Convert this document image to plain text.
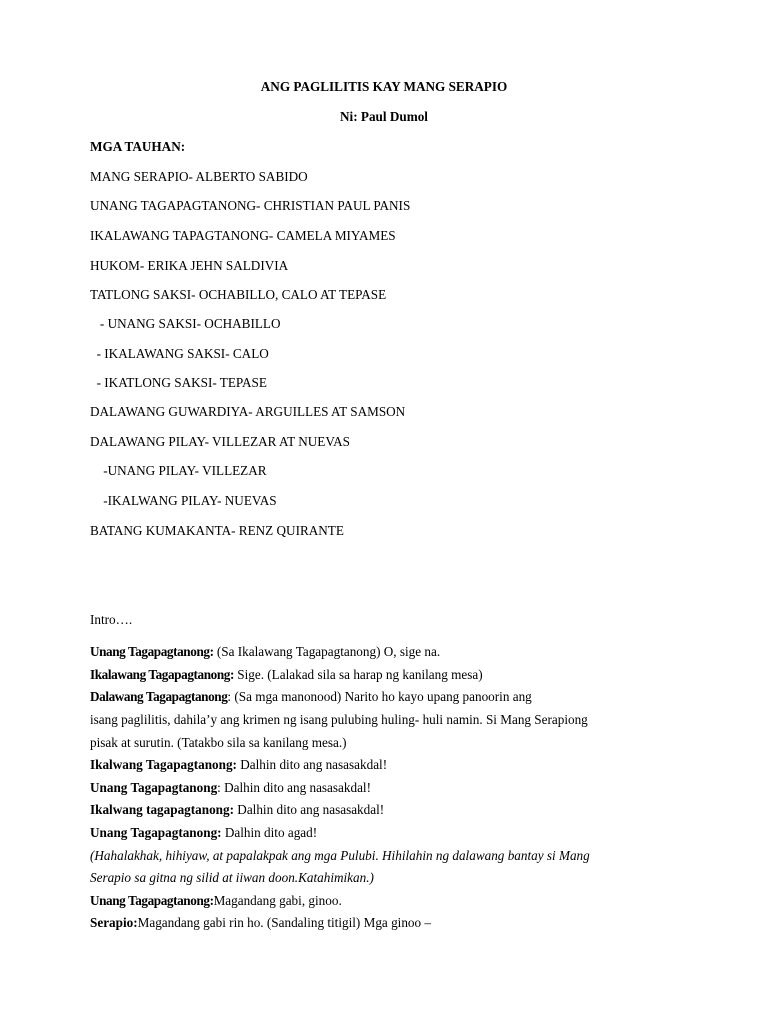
ANG PAGLILITIS KAY MANG SERAPIO

Ni: Paul Dumol

MGA TAUHAN:

MANG SERAPIO- ALBERTO SABIDO

UNANG TAGAPAGTANONG- CHRISTIAN PAUL PANIS

IKALAWANG TAPAGTANONG- CAMELA MIYAMES

HUKOM- ERIKA JEHN SALDIVIA

TATLONG SAKSI- OCHABILLO, CALO AT TEPASE

- UNANG SAKSI- OCHABILLO

- IKALAWANG SAKSI- CALO

- IKATLONG SAKSI- TEPASE

DALAWANG GUWARDIYA- ARGUILLES AT SAMSON

DALAWANG PILAY- VILLEZAR AT NUEVAS

-UNANG PILAY- VILLEZAR

-IKALWANG PILAY- NUEVAS

BATANG KUMAKANTA- RENZ QUIRANTE

Intro….

Unang Tagapagtanong: (Sa Ikalawang Tagapagtanong) O, sige na.

Ikalawang Tagapagtanong: Sige. (Lalakad sila sa harap ng kanilang mesa)

Dalawang Tagapagtanong: (Sa mga manonood) Narito ho kayo upang panoorin ang

isang paglilitis, dahila’y ang krimen ng isang pulubing huling- huli namin. Si Mang Serapiong

pisak at surutin. (Tatakbo sila sa kanilang mesa.)

Ikalwang Tagapagtanong: Dalhin dito ang nasasakdal!

Unang Tagapagtanong: Dalhin dito ang nasasakdal!

Ikalwang tagapagtanong: Dalhin dito ang nasasakdal!

Unang Tagapagtanong: Dalhin dito agad!

(Hahalakhak, hihiyaw, at papalakpak ang mga Pulubi. Hihilahin ng dalawang bantay si Mang

Serapio sa gitna ng silid at iiwan doon.Katahimikan.)

Unang Tagapagtanong:Magandang gabi, ginoo.

Serapio:Magandang gabi rin ho. (Sandaling titigil) Mga ginoo –
